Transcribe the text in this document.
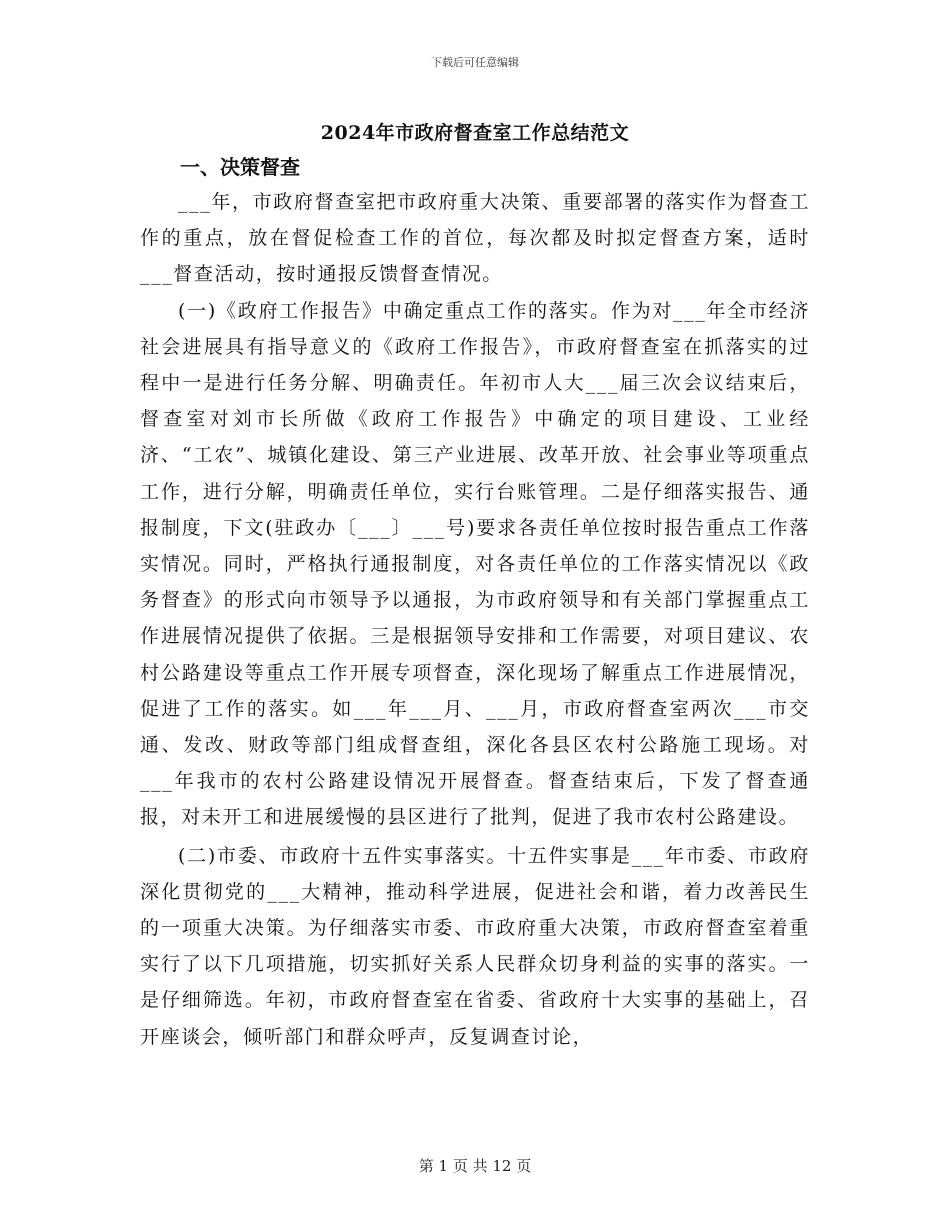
下载后可任意编辑
2024年市政府督查室工作总结范文

一、决策督查

___年，市政府督查室把市政府重大决策、重要部署的落实作为督查工作的重点，放在督促检查工作的首位，每次都及时拟定督查方案，适时___督查活动，按时通报反馈督查情况。

(一)《政府工作报告》中确定重点工作的落实。作为对___年全市经济社会进展具有指导意义的《政府工作报告》，市政府督查室在抓落实的过程中一是进行任务分解、明确责任。年初市人大___届三次会议结束后，督查室对刘市长所做《政府工作报告》中确定的项目建设、工业经济、“工农”、城镇化建设、第三产业进展、改革开放、社会事业等项重点工作，进行分解，明确责任单位，实行台账管理。二是仔细落实报告、通报制度，下文(驻政办〔___〕___号)要求各责任单位按时报告重点工作落实情况。同时，严格执行通报制度，对各责任单位的工作落实情况以《政务督查》的形式向市领导予以通报，为市政府领导和有关部门掌握重点工作进展情况提供了依据。三是根据领导安排和工作需要，对项目建议、农村公路建设等重点工作开展专项督查，深化现场了解重点工作进展情况，促进了工作的落实。如___年___月、___月，市政府督查室两次___市交通、发改、财政等部门组成督查组，深化各县区农村公路施工现场。对___年我市的农村公路建设情况开展督查。督查结束后，下发了督查通报，对未开工和进展缓慢的县区进行了批判，促进了我市农村公路建设。

(二)市委、市政府十五件实事落实。十五件实事是___年市委、市政府深化贯彻党的___大精神，推动科学进展，促进社会和谐，着力改善民生的一项重大决策。为仔细落实市委、市政府重大决策，市政府督查室着重实行了以下几项措施，切实抓好关系人民群众切身利益的实事的落实。一是仔细筛选。年初，市政府督查室在省委、省政府十大实事的基础上，召开座谈会，倾听部门和群众呼声，反复调查讨论，

第 1 页 共 12 页
